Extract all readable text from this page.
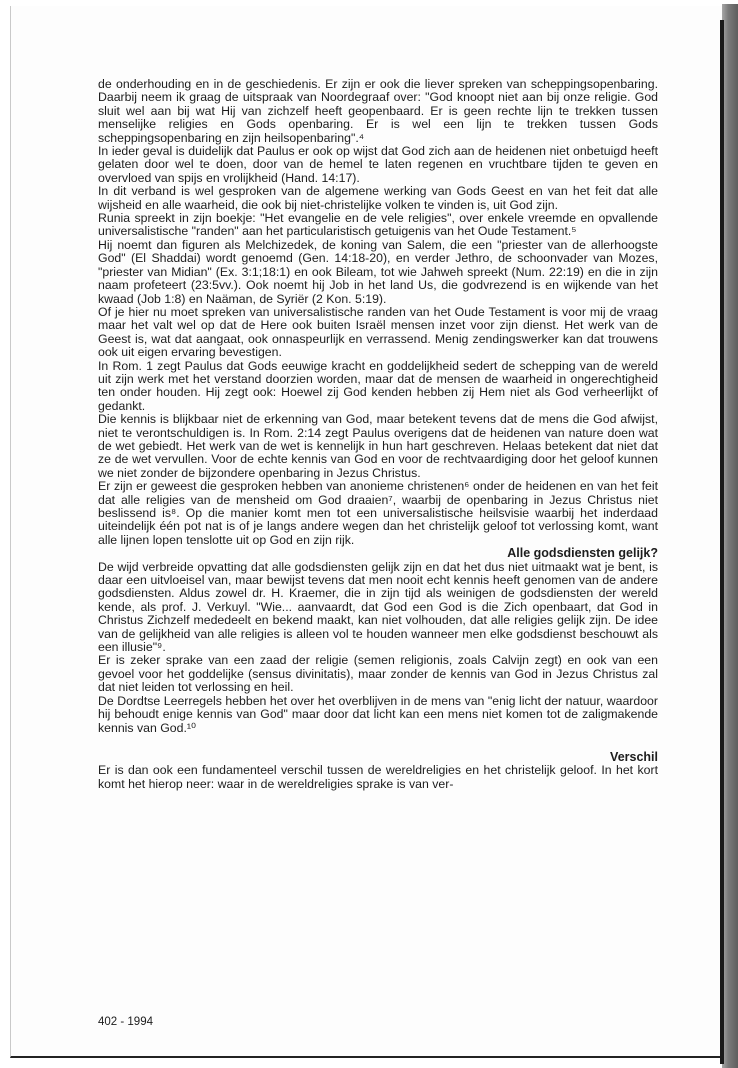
de onderhouding en in de geschiedenis. Er zijn er ook die liever spreken van scheppingsopenbaring. Daarbij neem ik graag de uitspraak van Noordegraaf over: "God knoopt niet aan bij onze religie. God sluit wel aan bij wat Hij van zichzelf heeft geopenbaard. Er is geen rechte lijn te trekken tussen menselijke religies en Gods openbaring. Er is wel een lijn te trekken tussen Gods scheppingsopenbaring en zijn heilsopenbaring".⁴

In ieder geval is duidelijk dat Paulus er ook op wijst dat God zich aan de heidenen niet onbetuigd heeft gelaten door wel te doen, door van de hemel te laten regenen en vruchtbare tijden te geven en overvloed van spijs en vrolijkheid (Hand. 14:17).

In dit verband is wel gesproken van de algemene werking van Gods Geest en van het feit dat alle wijsheid en alle waarheid, die ook bij niet-christelijke volken te vinden is, uit God zijn.

Runia spreekt in zijn boekje: "Het evangelie en de vele religies", over enkele vreemde en opvallende universalistische "randen" aan het particularistisch getuigenis van het Oude Testament.⁵

Hij noemt dan figuren als Melchizedek, de koning van Salem, die een "priester van de allerhoogste God" (El Shaddai) wordt genoemd (Gen. 14:18-20), en verder Jethro, de schoonvader van Mozes, "priester van Midian" (Ex. 3:1;18:1) en ook Bileam, tot wie Jahweh spreekt (Num. 22:19) en die in zijn naam profeteert (23:5vv.). Ook noemt hij Job in het land Us, die godvrezend is en wijkende van het kwaad (Job 1:8) en Naäman, de Syriër (2 Kon. 5:19).

Of je hier nu moet spreken van universalistische randen van het Oude Testament is voor mij de vraag maar het valt wel op dat de Here ook buiten Israël mensen inzet voor zijn dienst. Het werk van de Geest is, wat dat aangaat, ook onnaspeurlijk en verrassend. Menig zendingswerker kan dat trouwens ook uit eigen ervaring bevestigen.

In Rom. 1 zegt Paulus dat Gods eeuwige kracht en goddelijkheid sedert de schepping van de wereld uit zijn werk met het verstand doorzien worden, maar dat de mensen de waarheid in ongerechtigheid ten onder houden. Hij zegt ook: Hoewel zij God kenden hebben zij Hem niet als God verheerlijkt of gedankt.

Die kennis is blijkbaar niet de erkenning van God, maar betekent tevens dat de mens die God afwijst, niet te verontschuldigen is. In Rom. 2:14 zegt Paulus overigens dat de heidenen van nature doen wat de wet gebiedt. Het werk van de wet is kennelijk in hun hart geschreven. Helaas betekent dat niet dat ze de wet vervullen. Voor de echte kennis van God en voor de rechtvaardiging door het geloof kunnen we niet zonder de bijzondere openbaring in Jezus Christus.

Er zijn er geweest die gesproken hebben van anonieme christenen⁶ onder de heidenen en van het feit dat alle religies van de mensheid om God draaien⁷, waarbij de openbaring in Jezus Christus niet beslissend is⁸. Op die manier komt men tot een universalistische heilsvisie waarbij het inderdaad uiteindelijk één pot nat is of je langs andere wegen dan het christelijk geloof tot verlossing komt, want alle lijnen lopen tenslotte uit op God en zijn rijk.

Alle godsdiensten gelijk?

De wijd verbreide opvatting dat alle godsdiensten gelijk zijn en dat het dus niet uitmaakt wat je bent, is daar een uitvloeisel van, maar bewijst tevens dat men nooit echt kennis heeft genomen van de andere godsdiensten. Aldus zowel dr. H. Kraemer, die in zijn tijd als weinigen de godsdiensten der wereld kende, als prof. J. Verkuyl. "Wie... aanvaardt, dat God een God is die Zich openbaart, dat God in Christus Zichzelf mededeelt en bekend maakt, kan niet volhouden, dat alle religies gelijk zijn. De idee van de gelijkheid van alle religies is alleen vol te houden wanneer men elke godsdienst beschouwt als een illusie"⁹.

Er is zeker sprake van een zaad der religie (semen religionis, zoals Calvijn zegt) en ook van een gevoel voor het goddelijke (sensus divinitatis), maar zonder de kennis van God in Jezus Christus zal dat niet leiden tot verlossing en heil.

De Dordtse Leerregels hebben het over het overblijven in de mens van "enig licht der natuur, waardoor hij behoudt enige kennis van God" maar door dat licht kan een mens niet komen tot de zaligmakende kennis van God.¹⁰

Verschil

Er is dan ook een fundamenteel verschil tussen de wereldreligies en het christelijk geloof. In het kort komt het hierop neer: waar in de wereldreligies sprake is van ver-

402 - 1994
